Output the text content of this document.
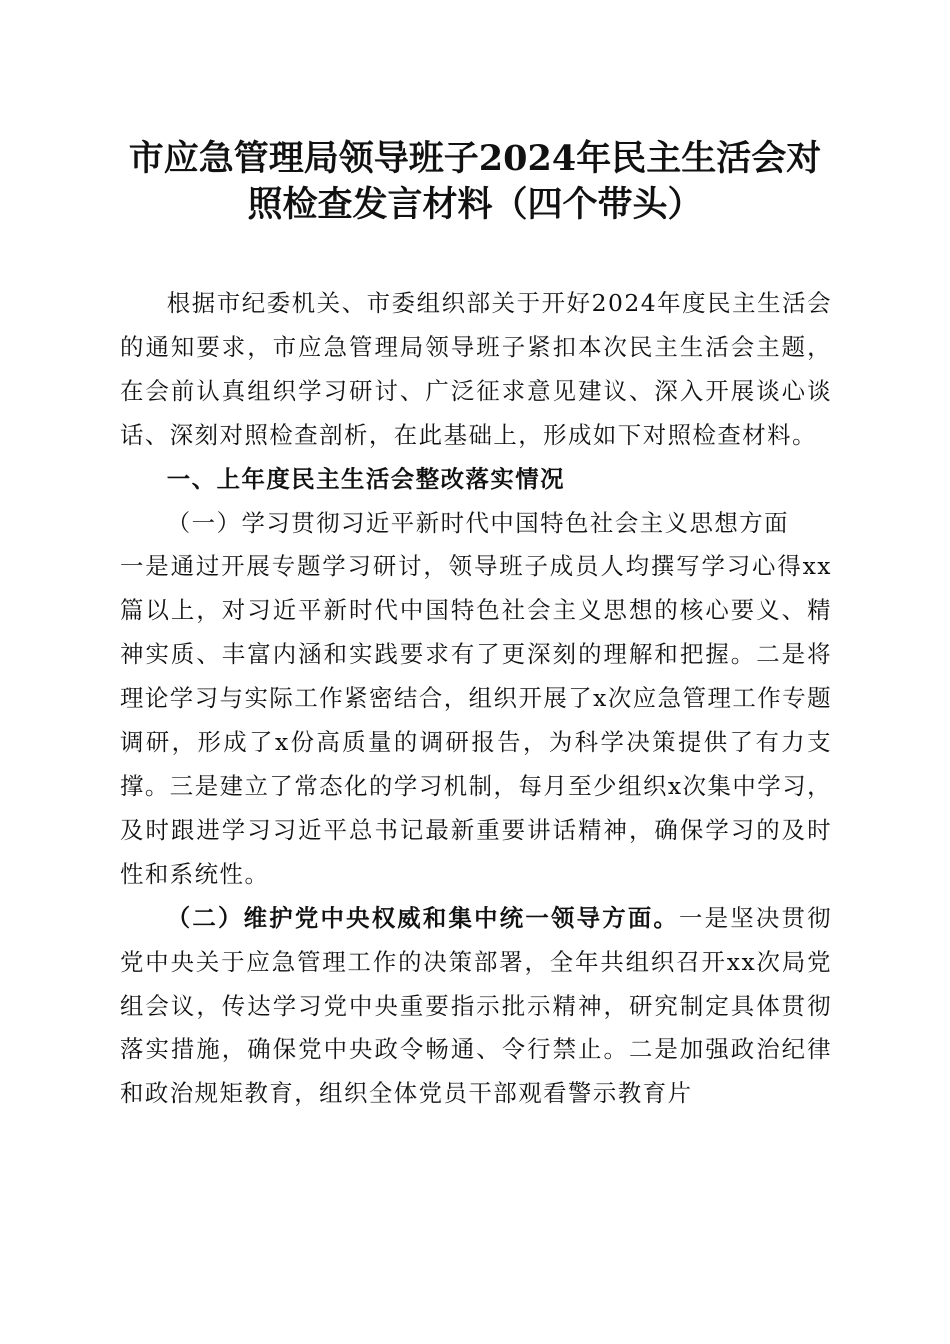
市应急管理局领导班子2024年民主生活会对
照检查发言材料（四个带头）

根据市纪委机关、市委组织部关于开好2024年度民主生活会的通知要求，市应急管理局领导班子紧扣本次民主生活会主题，在会前认真组织学习研讨、广泛征求意见建议、深入开展谈心谈话、深刻对照检查剖析，在此基础上，形成如下对照检查材料。

一、上年度民主生活会整改落实情况

（一）学习贯彻习近平新时代中国特色社会主义思想方面

一是通过开展专题学习研讨，领导班子成员人均撰写学习心得xx篇以上，对习近平新时代中国特色社会主义思想的核心要义、精神实质、丰富内涵和实践要求有了更深刻的理解和把握。二是将理论学习与实际工作紧密结合，组织开展了x次应急管理工作专题调研，形成了x份高质量的调研报告，为科学决策提供了有力支撑。三是建立了常态化的学习机制，每月至少组织x次集中学习，及时跟进学习习近平总书记最新重要讲话精神，确保学习的及时性和系统性。

（二）维护党中央权威和集中统一领导方面。一是坚决贯彻党中央关于应急管理工作的决策部署，全年共组织召开xx次局党组会议，传达学习党中央重要指示批示精神，研究制定具体贯彻落实措施，确保党中央政令畅通、令行禁止。二是加强政治纪律和政治规矩教育，组织全体党员干部观看警示教育片
